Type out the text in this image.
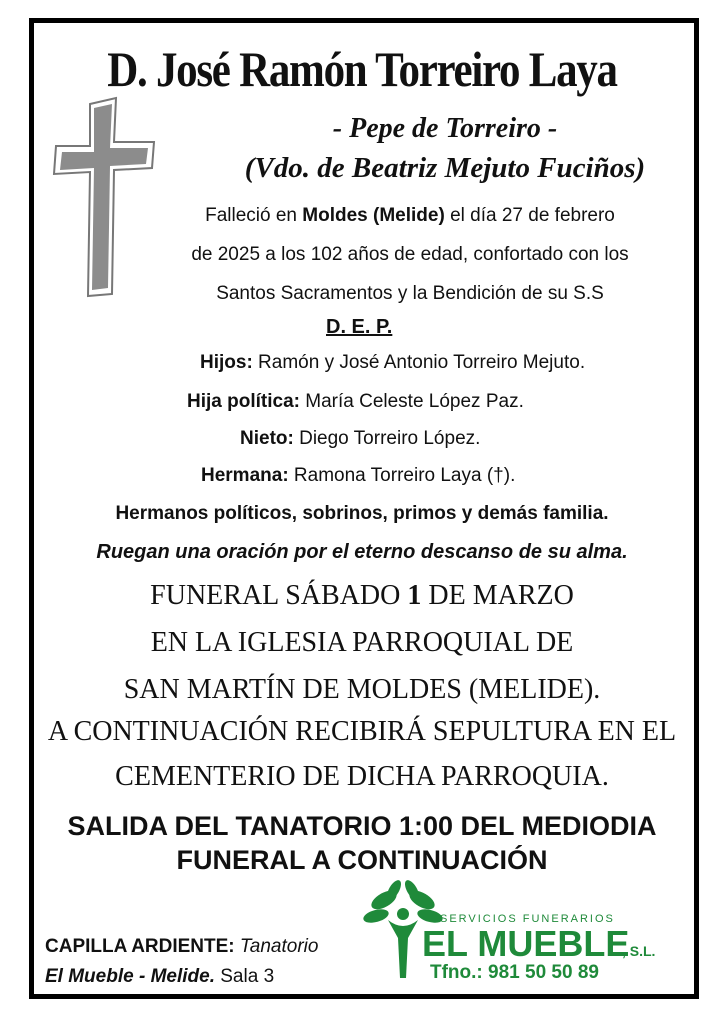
D. José Ramón Torreiro Laya
- Pepe de Torreiro -
(Vdo. de Beatriz Mejuto Fuciños)
Falleció en Moldes (Melide) el día 27 de febrero
de 2025 a los 102 años de edad, confortado con los
Santos Sacramentos y la Bendición de su S.S
D. E. P.
Hijos: Ramón y José Antonio Torreiro Mejuto.
Hija política: María Celeste López Paz.
Nieto: Diego Torreiro López.
Hermana: Ramona Torreiro Laya (†).
Hermanos políticos, sobrinos, primos y demás familia.
Ruegan una oración por el eterno descanso de su alma.
FUNERAL SÁBADO 1 DE MARZO
EN LA IGLESIA PARROQUIAL DE
SAN MARTÍN DE MOLDES (MELIDE).
A CONTINUACIÓN RECIBIRÁ SEPULTURA EN EL
CEMENTERIO DE DICHA PARROQUIA.
SALIDA DEL TANATORIO 1:00 DEL MEDIODIA
FUNERAL A CONTINUACIÓN
CAPILLA ARDIENTE: Tanatorio
El Mueble - Melide. Sala 3
SERVICIOS FUNERARIOS
EL MUEBLE
, S.L.
Tfno.: 981 50 50 89
